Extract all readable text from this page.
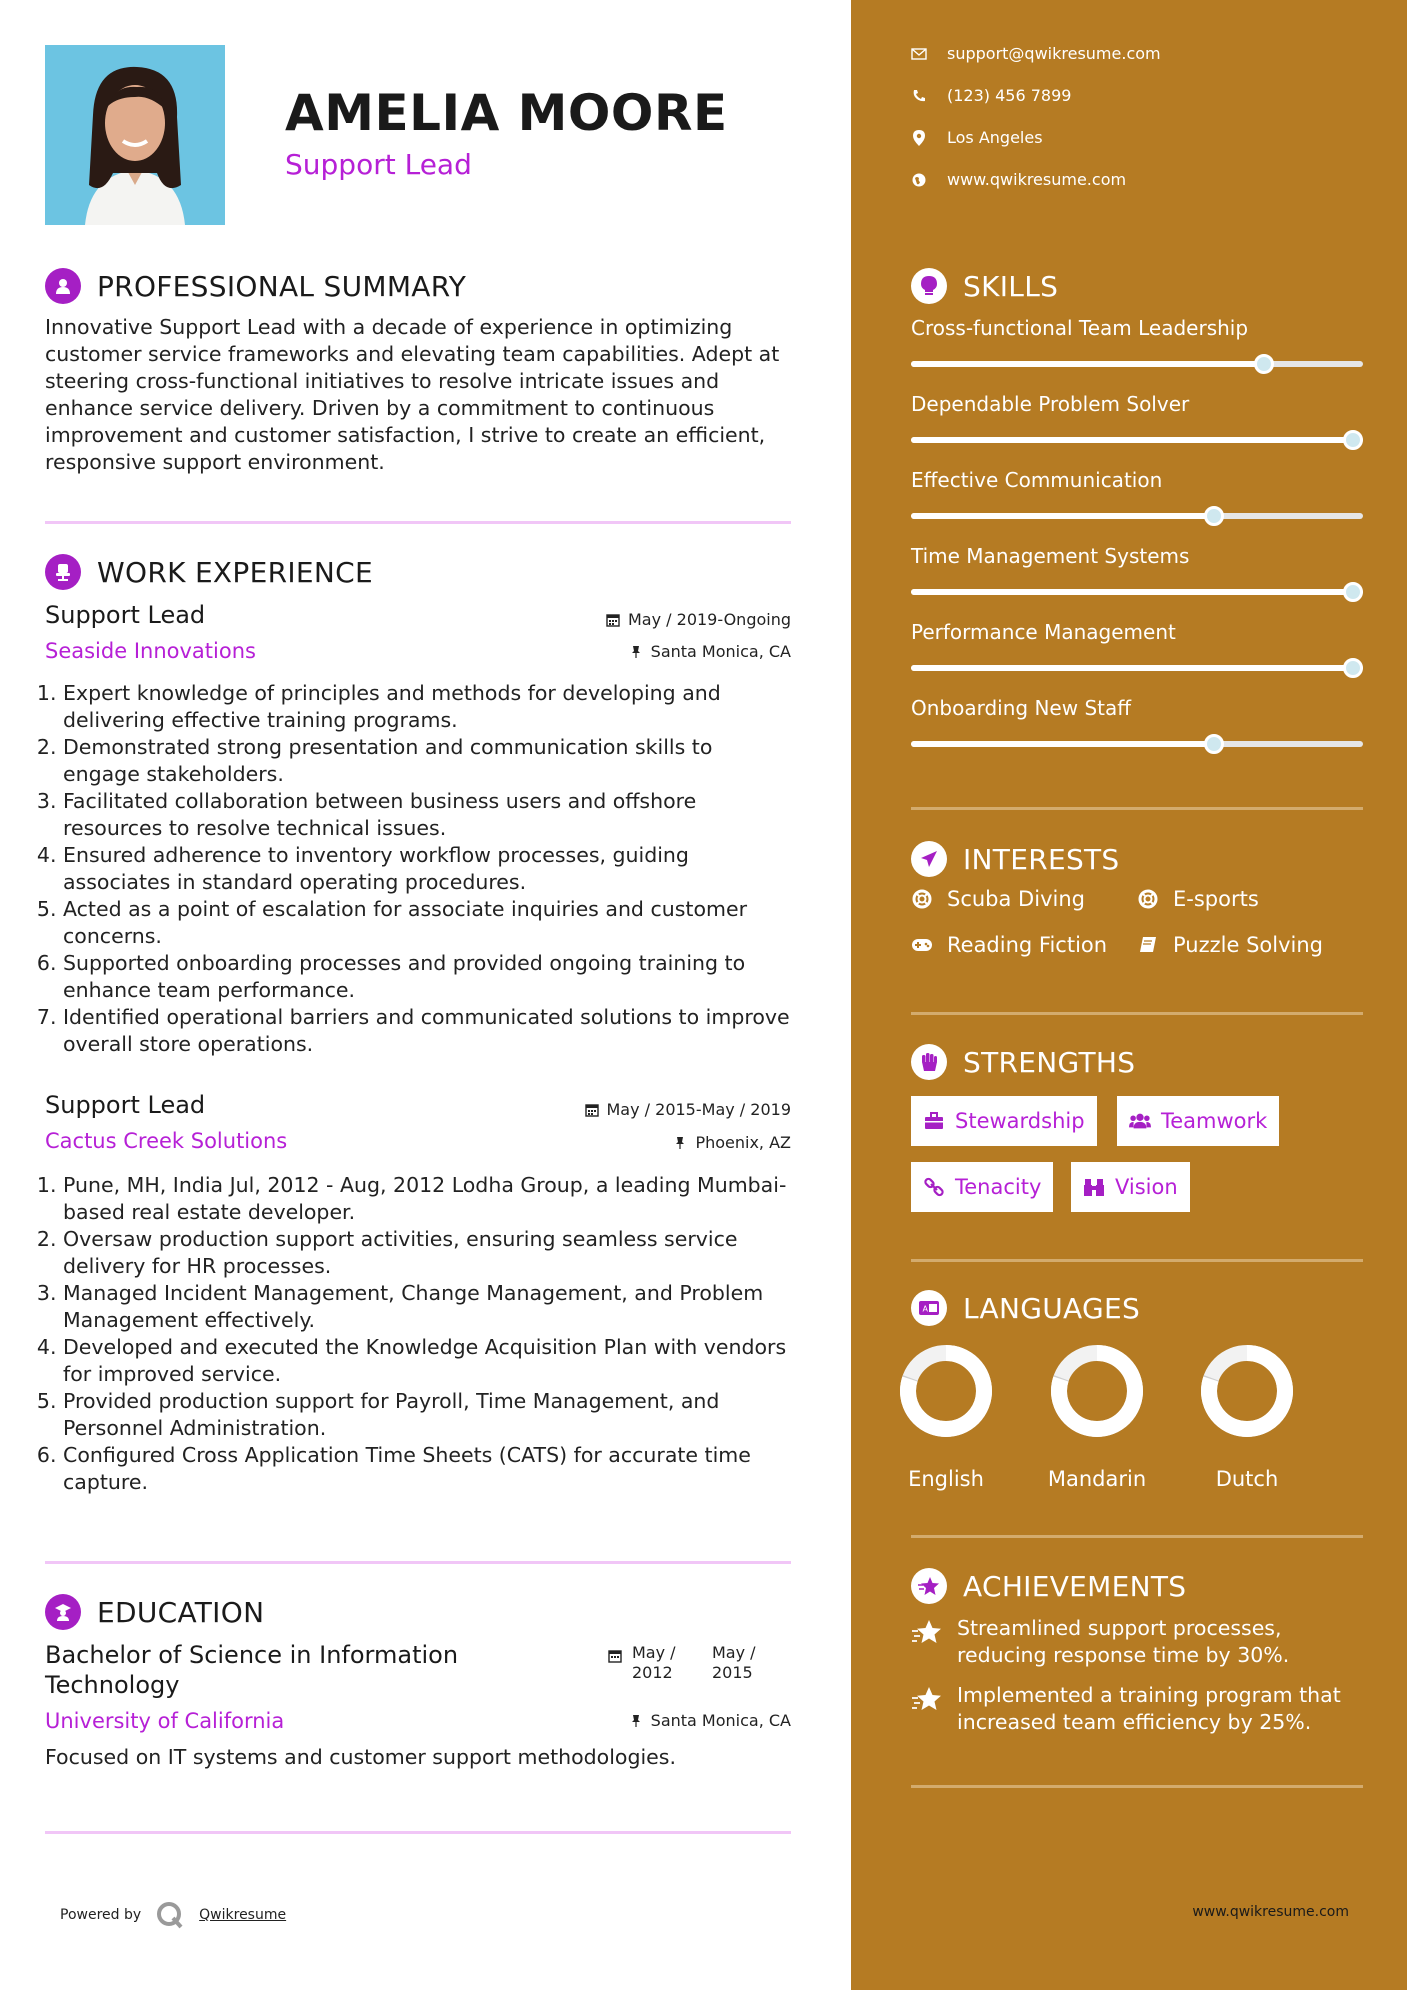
AMELIA MOORE
Support Lead
PROFESSIONAL SUMMARY
Innovative Support Lead with a decade of experience in optimizing customer service frameworks and elevating team capabilities. Adept at steering cross-functional initiatives to resolve intricate issues and enhance service delivery. Driven by a commitment to continuous improvement and customer satisfaction, I strive to create an efficient, responsive support environment.
WORK EXPERIENCE
Support Lead	May / 2019-Ongoing
Seaside Innovations	Santa Monica, CA
1. Expert knowledge of principles and methods for developing and delivering effective training programs.
2. Demonstrated strong presentation and communication skills to engage stakeholders.
3. Facilitated collaboration between business users and offshore resources to resolve technical issues.
4. Ensured adherence to inventory workflow processes, guiding associates in standard operating procedures.
5. Acted as a point of escalation for associate inquiries and customer concerns.
6. Supported onboarding processes and provided ongoing training to enhance team performance.
7. Identified operational barriers and communicated solutions to improve overall store operations.
Support Lead	May / 2015-May / 2019
Cactus Creek Solutions	Phoenix, AZ
1. Pune, MH, India Jul, 2012 - Aug, 2012 Lodha Group, a leading Mumbai-based real estate developer.
2. Oversaw production support activities, ensuring seamless service delivery for HR processes.
3. Managed Incident Management, Change Management, and Problem Management effectively.
4. Developed and executed the Knowledge Acquisition Plan with vendors for improved service.
5. Provided production support for Payroll, Time Management, and Personnel Administration.
6. Configured Cross Application Time Sheets (CATS) for accurate time capture.
EDUCATION
Bachelor of Science in Information Technology
May / 2012
May / 2015
University of California	Santa Monica, CA
Focused on IT systems and customer support methodologies.
Powered by	Qwikresume
support@qwikresume.com
(123) 456 7899
Los Angeles
www.qwikresume.com
SKILLS
Cross-functional Team Leadership
Dependable Problem Solver
Effective Communication
Time Management Systems
Performance Management
Onboarding New Staff
INTERESTS
Scuba Diving	E-sports
Reading Fiction	Puzzle Solving
STRENGTHS
Stewardship	Teamwork
Tenacity	Vision
A LANGUAGES
English	Mandarin	Dutch
ACHIEVEMENTS
Streamlined support processes, reducing response time by 30%.
Implemented a training program that increased team efficiency by 25%.
www.qwikresume.com
